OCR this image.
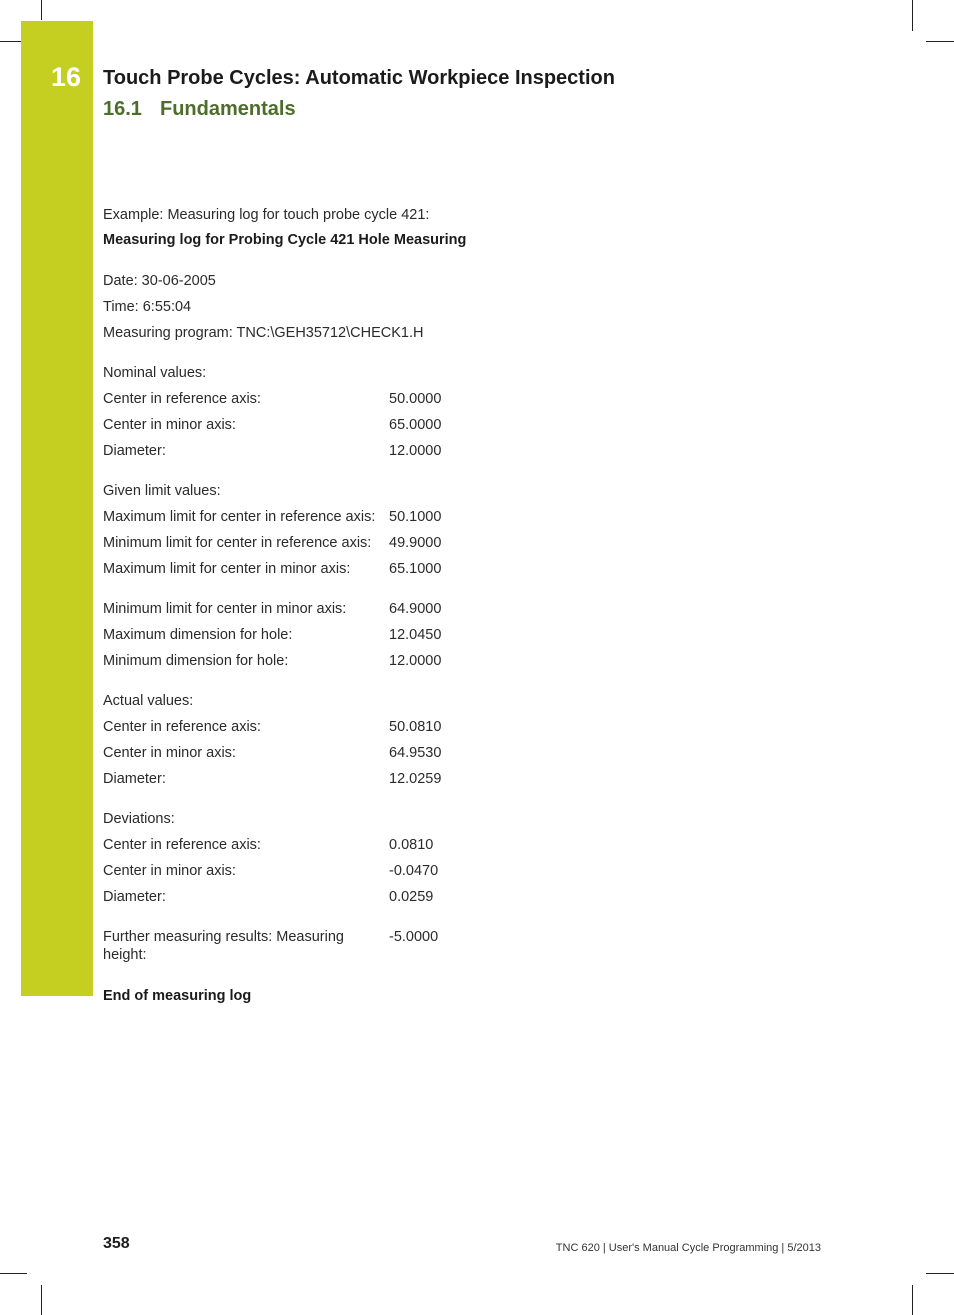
16 Touch Probe Cycles: Automatic Workpiece Inspection
16.1 Fundamentals
Example: Measuring log for touch probe cycle 421:
Measuring log for Probing Cycle 421 Hole Measuring
Date: 30-06-2005
Time: 6:55:04
Measuring program: TNC:\GEH35712\CHECK1.H
Nominal values:
Center in reference axis:	50.0000
Center in minor axis:	65.0000
Diameter:	12.0000
Given limit values:
Maximum limit for center in reference axis: 50.1000
Minimum limit for center in reference axis: 49.9000
Maximum limit for center in minor axis:	65.1000
Minimum limit for center in minor axis:	64.9000
Maximum dimension for hole:	12.0450
Minimum dimension for hole:	12.0000
Actual values:
Center in reference axis:	50.0810
Center in minor axis:	64.9530
Diameter:	12.0259
Deviations:
Center in reference axis:	0.0810
Center in minor axis:	-0.0470
Diameter:	0.0259
Further measuring results: Measuring
height:
-5.0000
End of measuring log
358	TNC 620 | User's Manual Cycle Programming | 5/2013
